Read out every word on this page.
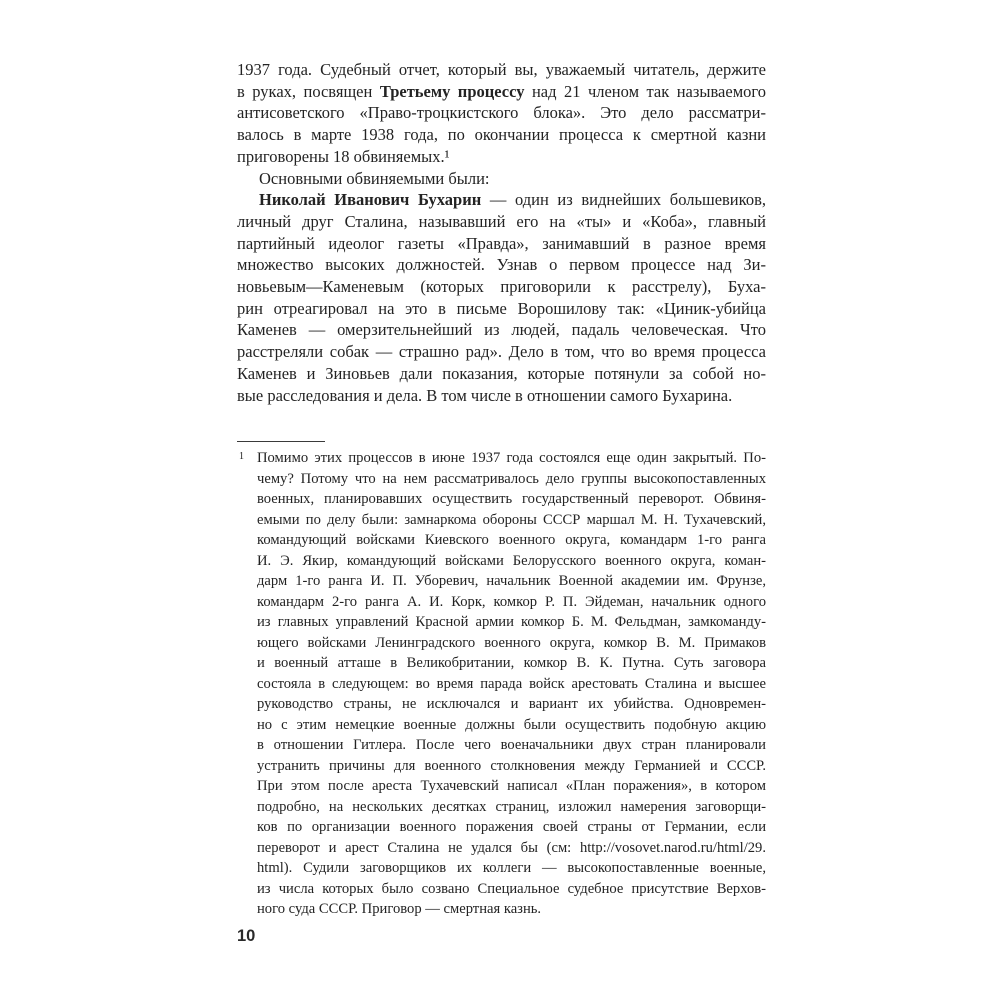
1937 года. Судебный отчет, который вы, уважаемый читатель, держите
в руках, посвящен Третьему процессу над 21 членом так называемого
антисоветского «Право-троцкистского блока». Это дело рассматри-
валось в марте 1938 года, по окончании процесса к смертной казни
приговорены 18 обвиняемых.¹
Основными обвиняемыми были:
Николай Иванович Бухарин — один из виднейших большевиков,
личный друг Сталина, называвший его на «ты» и «Коба», главный
партийный идеолог газеты «Правда», занимавший в разное время
множество высоких должностей. Узнав о первом процессе над Зи-
новьевым—Каменевым (которых приговорили к расстрелу), Буха-
рин отреагировал на это в письме Ворошилову так: «Циник-убийца
Каменев — омерзительнейший из людей, падаль человеческая. Что
расстреляли собак — страшно рад». Дело в том, что во время процесса
Каменев и Зиновьев дали показания, которые потянули за собой но-
вые расследования и дела. В том числе в отношении самого Бухарина.
1 Помимо этих процессов в июне 1937 года состоялся еще один закрытый. По-
чему? Потому что на нем рассматривалось дело группы высокопоставленных
военных, планировавших осуществить государственный переворот. Обвиня-
емыми по делу были: замнаркома обороны СССР маршал М. Н. Тухачевский,
командующий войсками Киевского военного округа, командарм 1-го ранга
И. Э. Якир, командующий войсками Белорусского военного округа, коман-
дарм 1-го ранга И. П. Уборевич, начальник Военной академии им. Фрунзе,
командарм 2-го ранга А. И. Корк, комкор Р. П. Эйдеман, начальник одного
из главных управлений Красной армии комкор Б. М. Фельдман, замкоманду-
ющего войсками Ленинградского военного округа, комкор В. М. Примаков
и военный атташе в Великобритании, комкор В. К. Путна. Суть заговора
состояла в следующем: во время парада войск арестовать Сталина и высшее
руководство страны, не исключался и вариант их убийства. Одновремен-
но с этим немецкие военные должны были осуществить подобную акцию
в отношении Гитлера. После чего военачальники двух стран планировали
устранить причины для военного столкновения между Германией и СССР.
При этом после ареста Тухачевский написал «План поражения», в котором
подробно, на нескольких десятках страниц, изложил намерения заговорщи-
ков по организации военного поражения своей страны от Германии, если
переворот и арест Сталина не удался бы (см: http://vosovet.narod.ru/html/29.
html). Судили заговорщиков их коллеги — высокопоставленные военные,
из числа которых было созвано Специальное судебное присутствие Верхов-
ного суда СССР. Приговор — смертная казнь.
10
